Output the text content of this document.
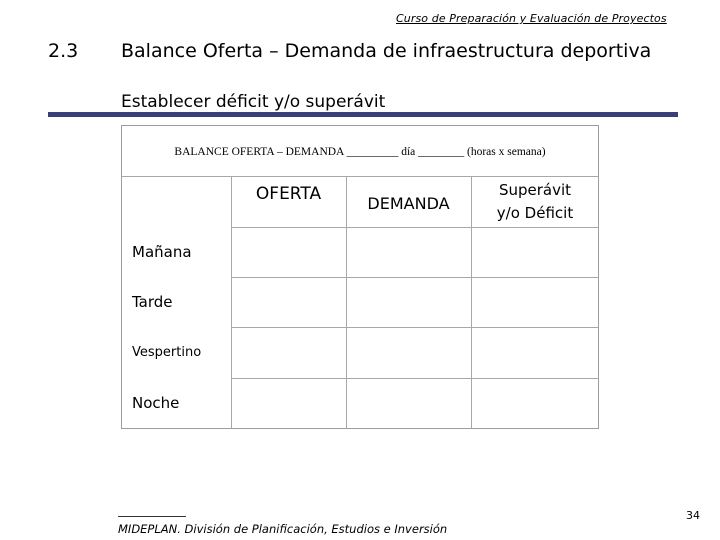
Curso de Preparación y Evaluación de Proyectos
2.3 Balance Oferta – Demanda de infraestructura deportiva
Establecer déficit y/o superávit
BALANCE OFERTA – DEMANDA _________ día ________ (horas x semana)
OFERTA	DEMANDA
Superávit
y/o Déficit
Mañana
Tarde
Vespertino
Noche
MIDEPLAN. División de Planificación, Estudios e Inversión
34
